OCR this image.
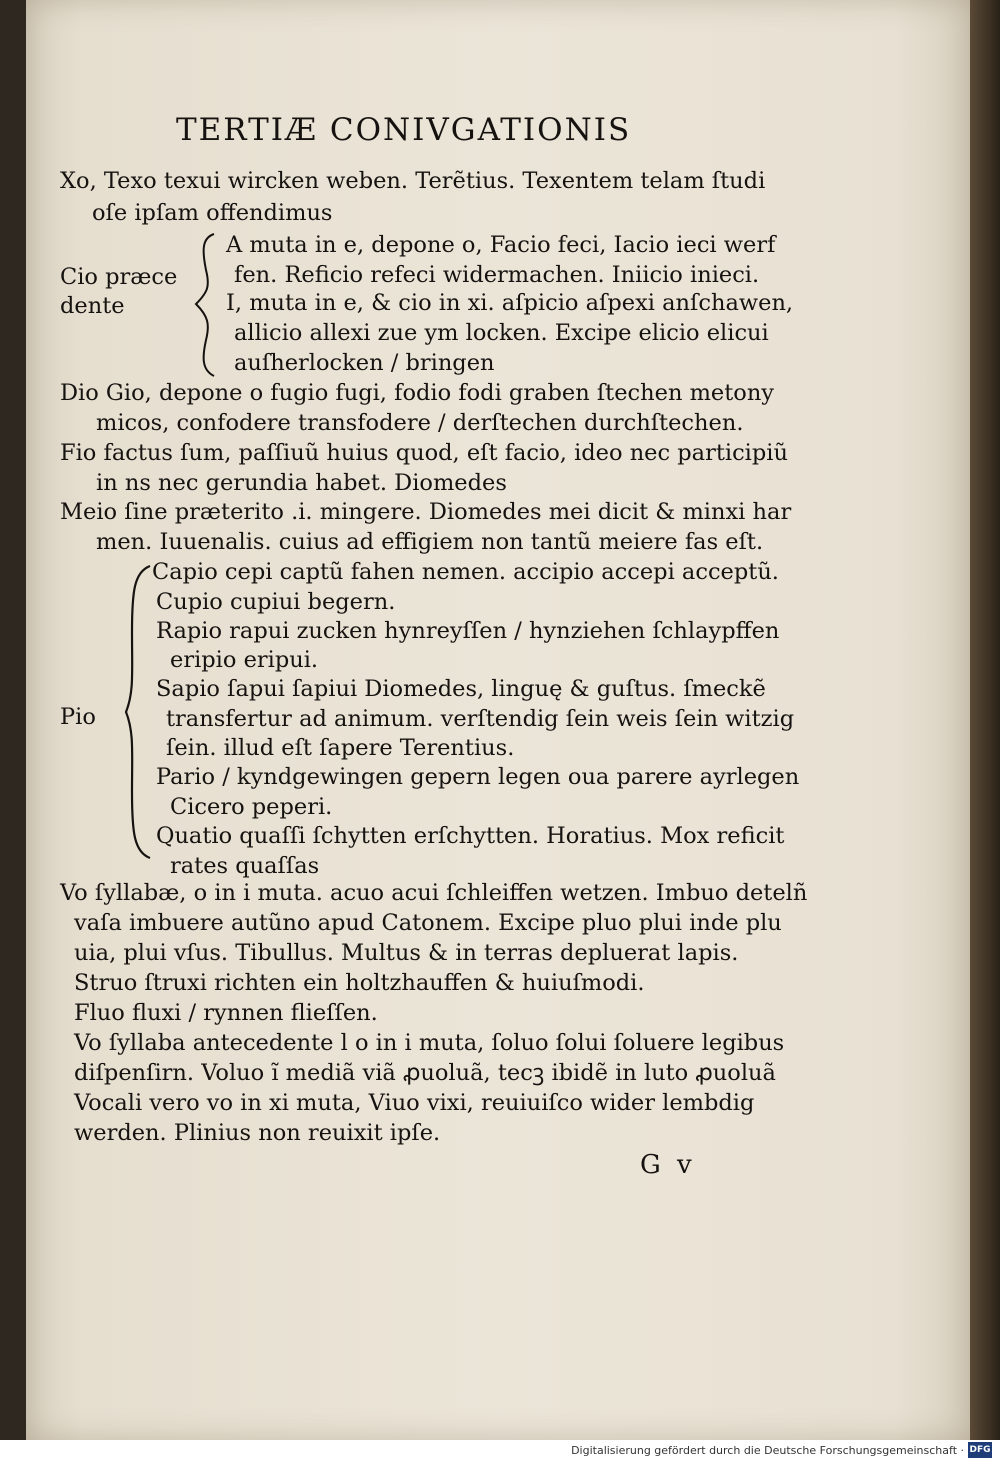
TERTIÆ CONIVGATIONIS
Xo, Texo texui wircken weben. Terẽtius. Texentem telam ſtudi
oſe ipſam offendimus
Cio præce
dente
A muta in e, depone o, Facio feci, Iacio ieci werf
fen. Reficio refeci widermachen. Iniicio inieci.
I, muta in e, & cio in xi. aſpicio aſpexi anſchawen,
allicio allexi zue ym locken. Excipe elicio elicui
auſherlocken / bringen
Dio Gio, depone o fugio fugi, fodio fodi graben ſtechen metony
micos, confodere transfodere / derſtechen durchſtechen.
Fio factus ſum, paſſiuũ huius quod, eſt facio, ideo nec participiũ
in ns nec gerundia habet. Diomedes
Meio ſine præterito .i. mingere. Diomedes mei dicit & minxi har
men. Iuuenalis. cuius ad effigiem non tantũ meiere fas eſt.
Pio
Capio cepi captũ fahen nemen. accipio accepi acceptũ.
Cupio cupiui begern.
Rapio rapui zucken hynreyſſen / hynziehen ſchlaypffen
eripio eripui.
Sapio ſapui ſapiui Diomedes, linguę & guſtus. ſmeckẽ
transfertur ad animum. verſtendig ſein weis ſein witzig
ſein. illud eſt ſapere Terentius.
Pario / kyndgewingen gepern legen oua parere ayrlegen
Cicero peperi.
Quatio quaſſi ſchytten erſchytten. Horatius. Mox reficit
rates quaſſas
Vo ſyllabæ, o in i muta. acuo acui ſchleiffen wetzen. Imbuo detelñ
vaſa imbuere autũno apud Catonem. Excipe pluo plui inde plu
uia, plui vſus. Tibullus. Multus & in terras depluerat lapis.
Struo ſtruxi richten ein holtzhauffen & huiuſmodi.
Fluo fluxi / rynnen flieſſen.
Vo ſyllaba antecedente l o in i muta, ſoluo ſolui ſoluere legibus
diſpenſirn. Voluo ĩ mediã viã ꝓuoluã, tecꝫ ibidẽ in luto ꝓuoluã
Vocali vero vo in xi muta, Viuo vixi, reuiuiſco wider lembdig
werden. Plinius non reuixit ipſe.
G v
Digitalisierung gefördert durch die Deutsche Forschungsgemeinschaft · DFG
